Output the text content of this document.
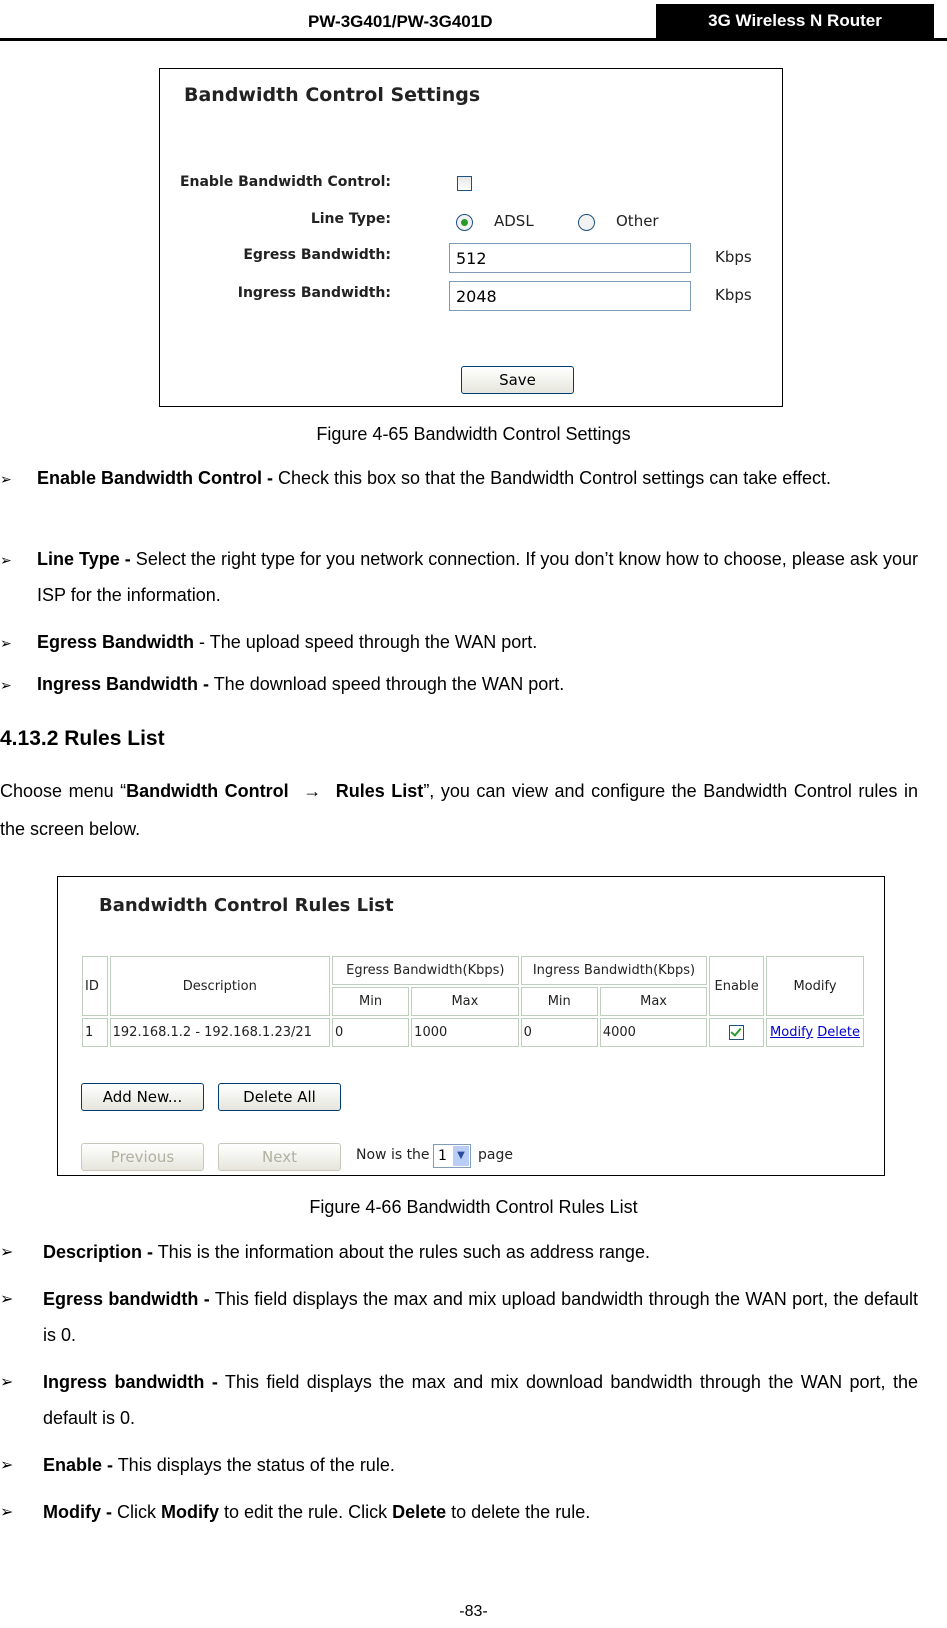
PW-3G401/PW-3G401D	3G Wireless N Router
Bandwidth Control Settings
Enable Bandwidth Control:
Line Type:	ADSL	Other
Egress Bandwidth:
512	Kbps
Ingress Bandwidth:
2048	Kbps
Save
Figure 4-65 Bandwidth Control Settings
➢	Enable Bandwidth Control - Check this box so that the Bandwidth Control settings can take effect.
➢	Line Type - Select the right type for you network connection. If you don’t know how to choose, please ask your ISP for the information.
➢	Egress Bandwidth - The upload speed through the WAN port.
➢	Ingress Bandwidth - The download speed through the WAN port.
4.13.2 Rules List
Choose menu “Bandwidth Control → Rules List”, you can view and configure the Bandwidth Control rules in the screen below.
Bandwidth Control Rules List
ID	Description	Egress Bandwidth(Kbps)		Ingress Bandwidth(Kbps)		Enable	Modify
		Min	Max	Min	Max		
1	192.168.1.2 - 192.168.1.23/21	0	1000	0	4000		Modify Delete
Add New...	Delete All
Previous	Next	Now is the 1	▼ page
Figure 4-66 Bandwidth Control Rules List
➢	Description - This is the information about the rules such as address range.
➢	Egress bandwidth - This field displays the max and mix upload bandwidth through the WAN port, the default is 0.
➢	Ingress bandwidth - This field displays the max and mix download bandwidth through the WAN port, the default is 0.
➢	Enable - This displays the status of the rule.
➢	Modify - Click Modify to edit the rule. Click Delete to delete the rule.
-83-
